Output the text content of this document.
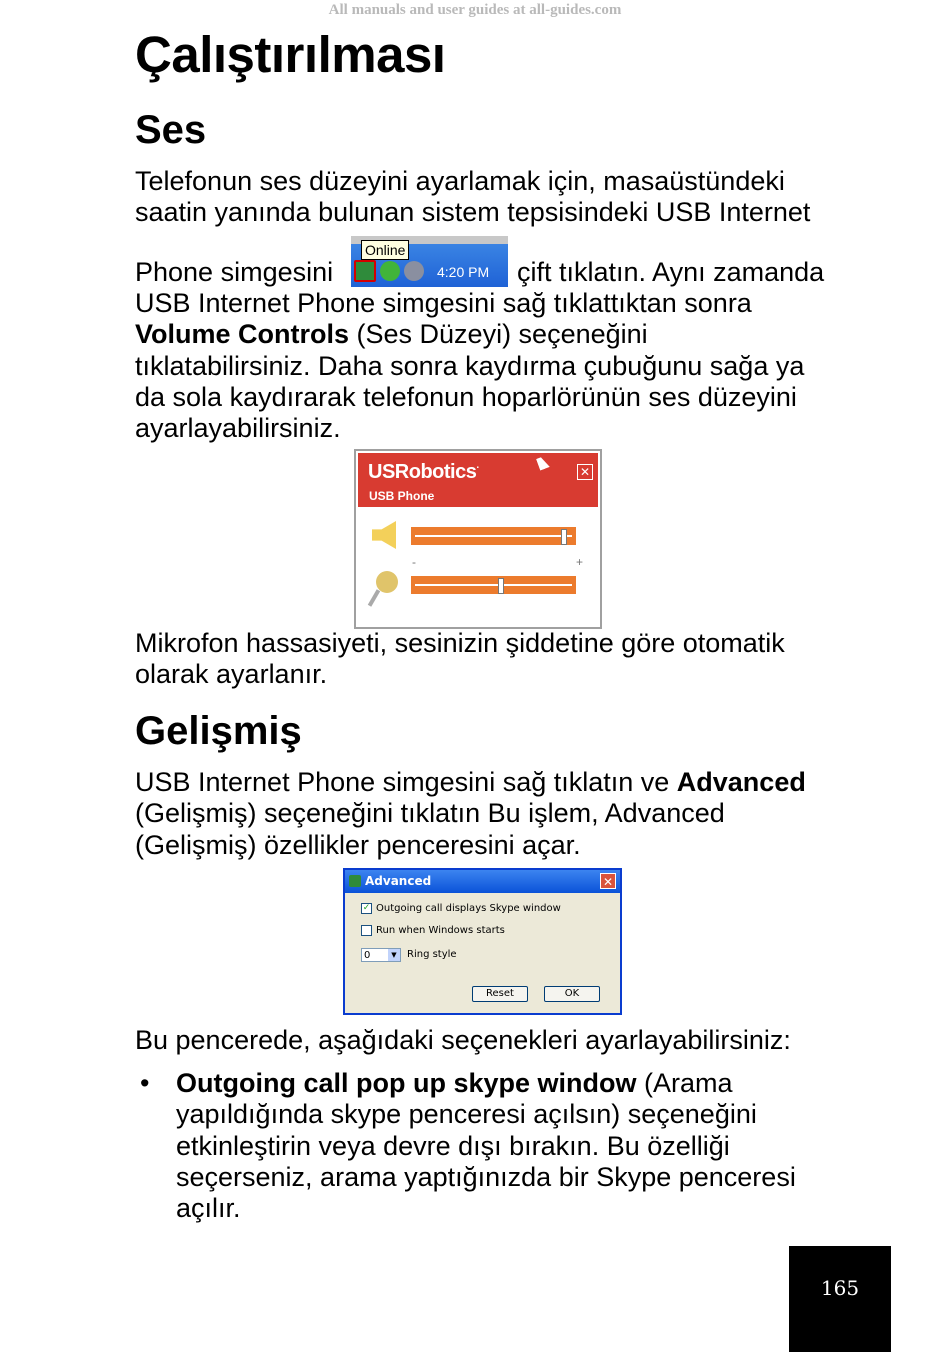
All manuals and user guides at all-guides.com
Çalıştırılması
Ses
Telefonun ses düzeyini ayarlamak için, masaüstündeki
saatin yanında bulunan sistem tepsisindeki USB Internet
Phone simgesini
Online
4:20 PM çift tıklatın. Aynı zamanda
USB Internet Phone simgesini sağ tıklattıktan sonra
Volume Controls (Ses Düzeyi) seçeneğini
tıklatabilirsiniz. Daha sonra kaydırma çubuğunu sağa ya
da sola kaydırarak telefonun hoparlörünün ses düzeyini
ayarlayabilirsiniz.
USRobotics·
USB Phone
✕
-	+
Mikrofon hassasiyeti, sesinizin şiddetine göre otomatik
olarak ayarlanır.
Gelişmiş
USB Internet Phone simgesini sağ tıklatın ve Advanced
(Gelişmiş) seçeneğini tıklatın Bu işlem, Advanced
(Gelişmiş) özellikler penceresini açar.
Advanced	✕
✓ Outgoing call displays Skype window
Run when Windows starts
0	▼	Ring style
Reset	OK
Bu pencerede, aşağıdaki seçenekleri ayarlayabilirsiniz:
• Outgoing call pop up skype window (Arama
yapıldığında skype penceresi açılsın) seçeneğini
etkinleştirin veya devre dışı bırakın. Bu özelliği
seçerseniz, arama yaptığınızda bir Skype penceresi
açılır.
165
